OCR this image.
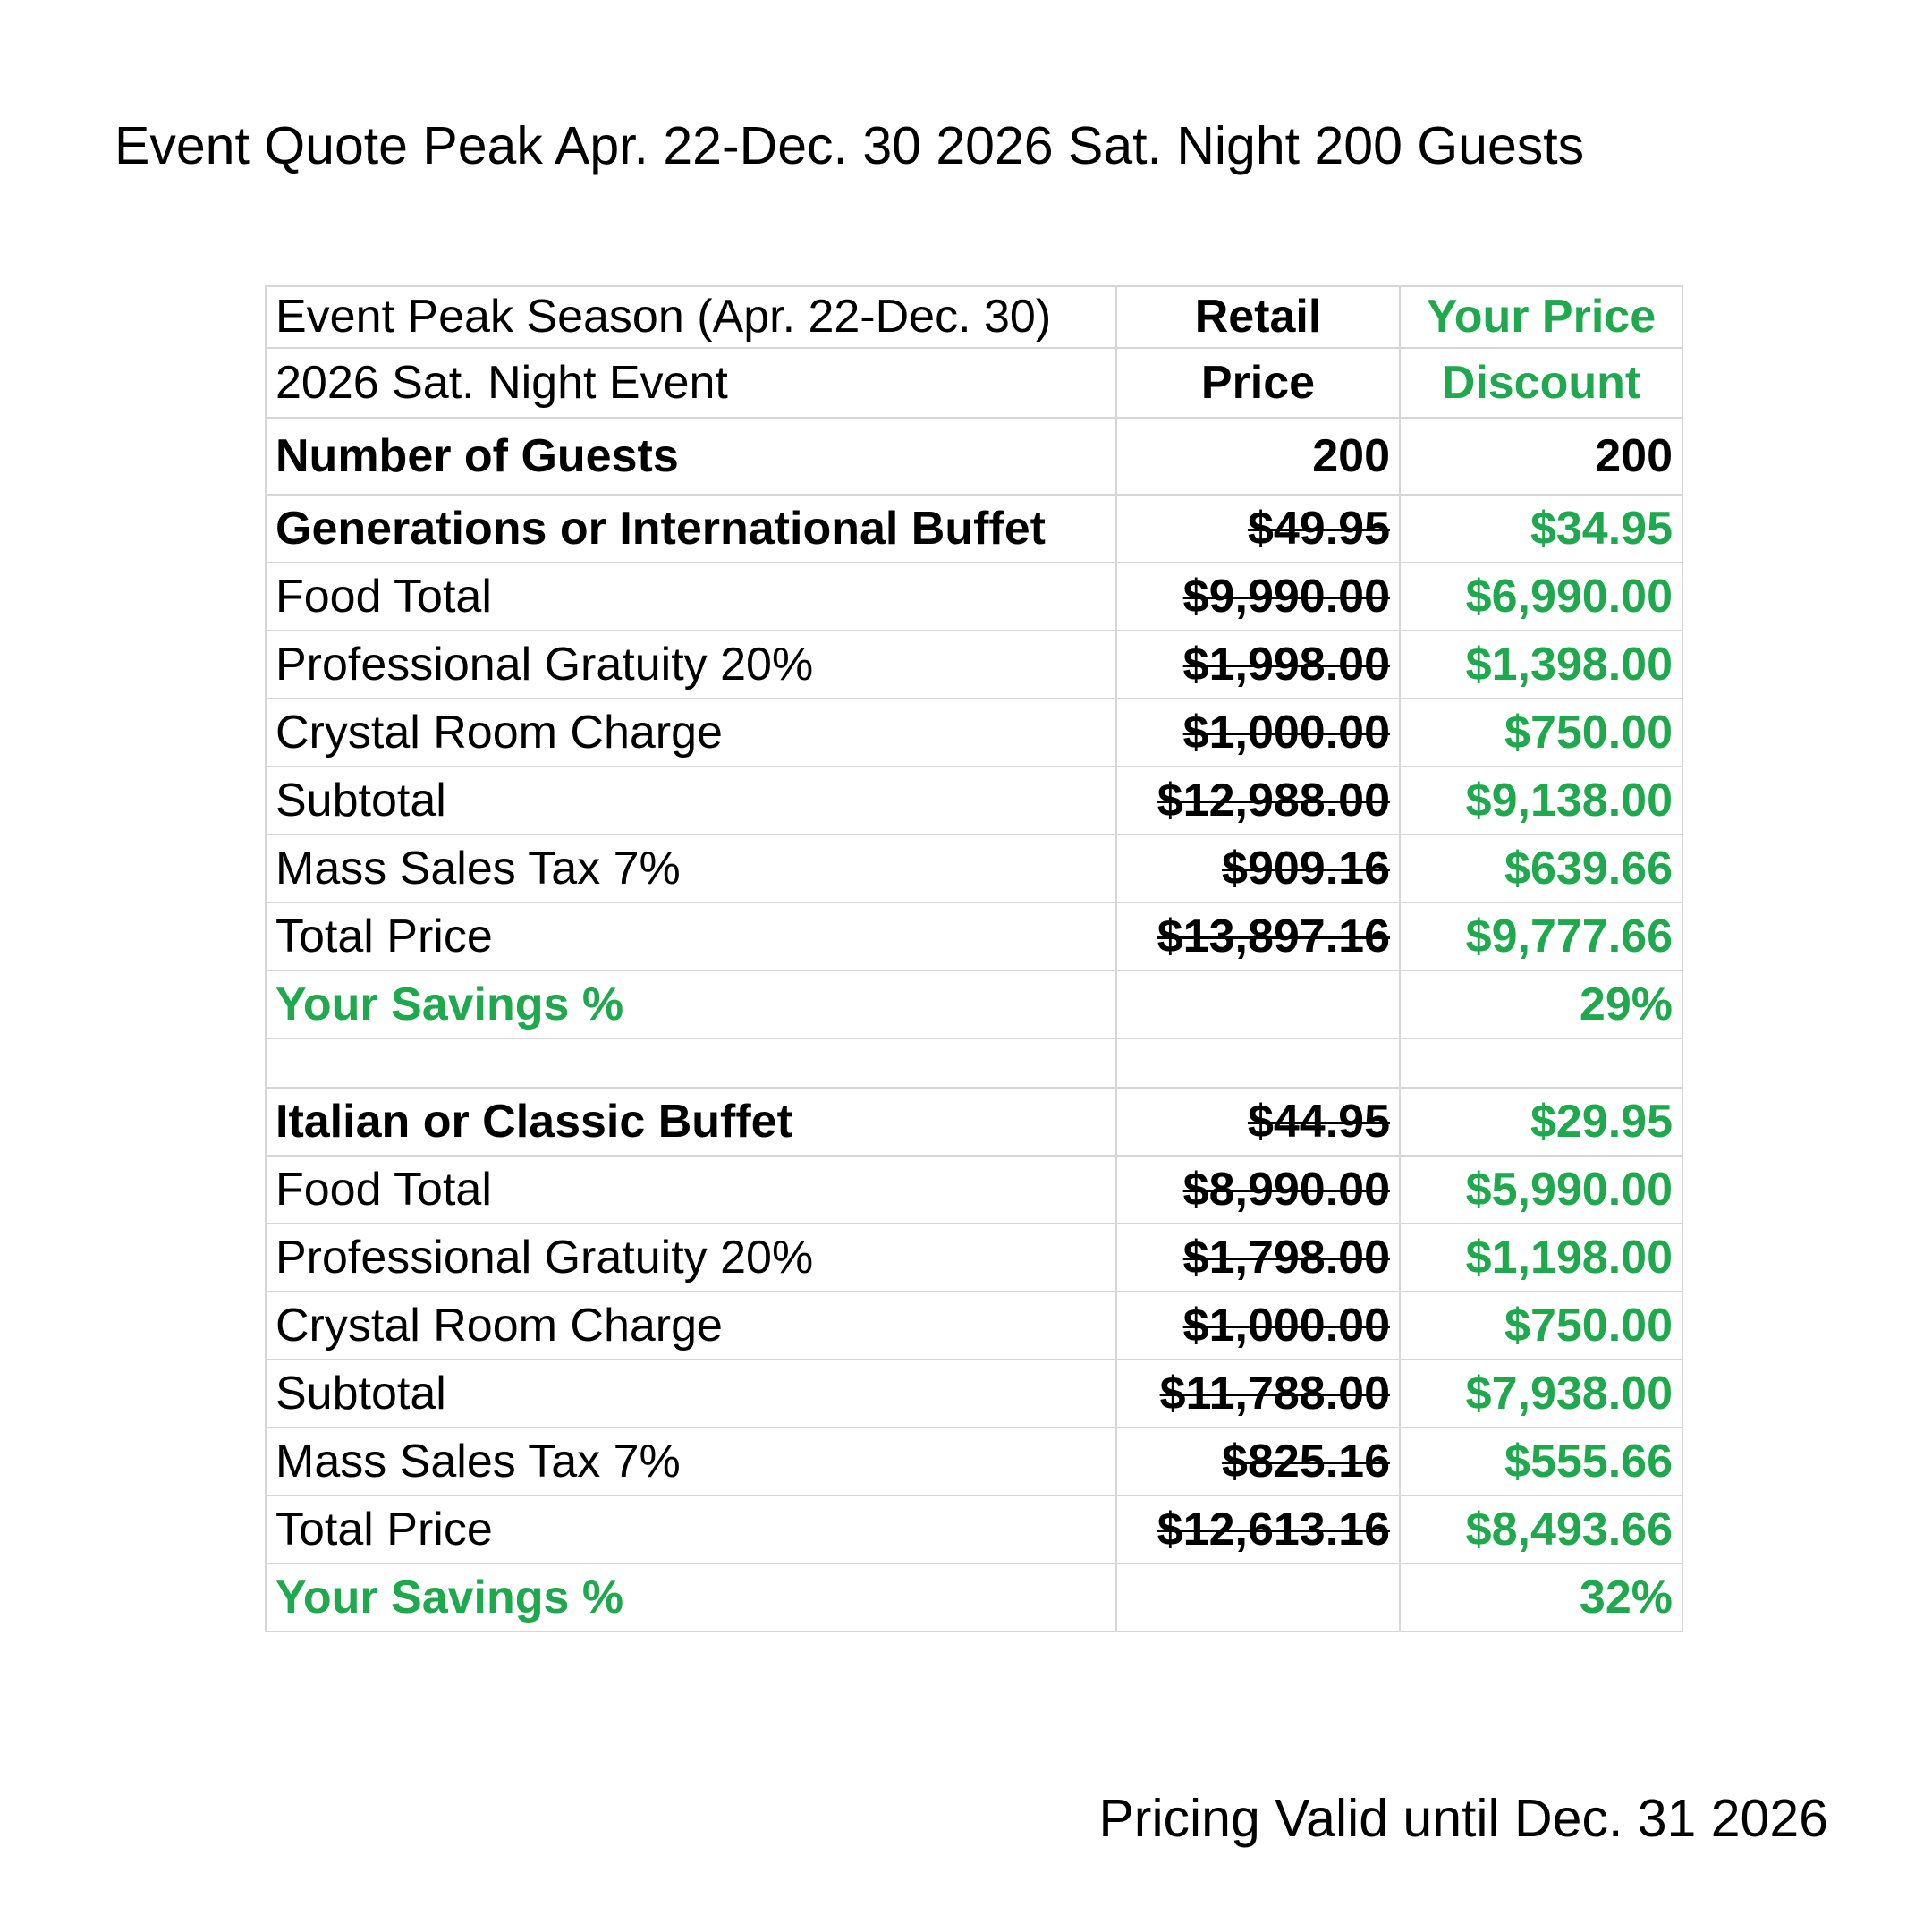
Event Quote Peak Apr. 22-Dec. 30 2026 Sat. Night 200 Guests
Event Peak Season (Apr. 22-Dec. 30)	Retail	Your Price
2026 Sat. Night Event	Price	Discount
Number of Guests	200	200
Generations or International Buffet	$49.95	$34.95
Food Total	$9,990.00	$6,990.00
Professional Gratuity 20%	$1,998.00	$1,398.00
Crystal Room Charge	$1,000.00	$750.00
Subtotal	$12,988.00	$9,138.00
Mass Sales Tax 7%	$909.16	$639.66
Total Price	$13,897.16	$9,777.66
Your Savings %		29%

Italian or Classic Buffet	$44.95	$29.95
Food Total	$8,990.00	$5,990.00
Professional Gratuity 20%	$1,798.00	$1,198.00
Crystal Room Charge	$1,000.00	$750.00
Subtotal	$11,788.00	$7,938.00
Mass Sales Tax 7%	$825.16	$555.66
Total Price	$12,613.16	$8,493.66
Your Savings %		32%
Pricing Valid until Dec. 31 2026
